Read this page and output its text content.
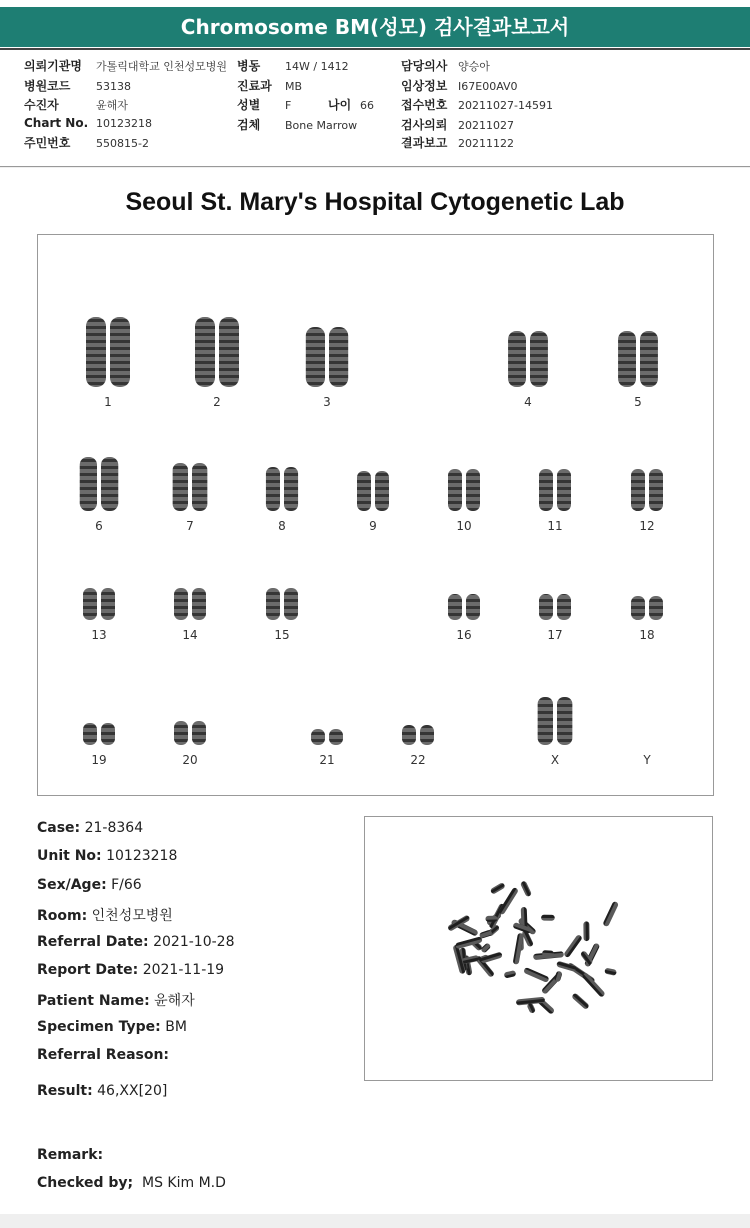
Chromosome BM(성모) 검사결과보고서
의뢰기관명 가톨릭대학교 인천성모병원
병원코드 53138
수진자	윤해자
Chart No. 10123218
주민번호 550815-2
병동 14W / 1412
진료과 MB
성별 F	나이 66
검체 Bone Marrow
담당의사 양승아
임상정보 I67E00AV0
접수번호 20211027-14591
검사의뢰 20211027
결과보고 20211122
Seoul St. Mary's Hospital Cytogenetic Lab
1	2	3	4	5
6	7	8	9	10	11	12
13	14	15	16	17	18
19	20	21	22	X	Y
Case: 21-8364
Unit No: 10123218
Sex/Age: F/66
Room: 인천성모병원
Referral Date: 2021-10-28
Report Date: 2021-11-19
Patient Name: 윤해자
Specimen Type: BM
Referral Reason:
Result: 46,XX[20]
Remark:
Checked by; MS Kim M.D
